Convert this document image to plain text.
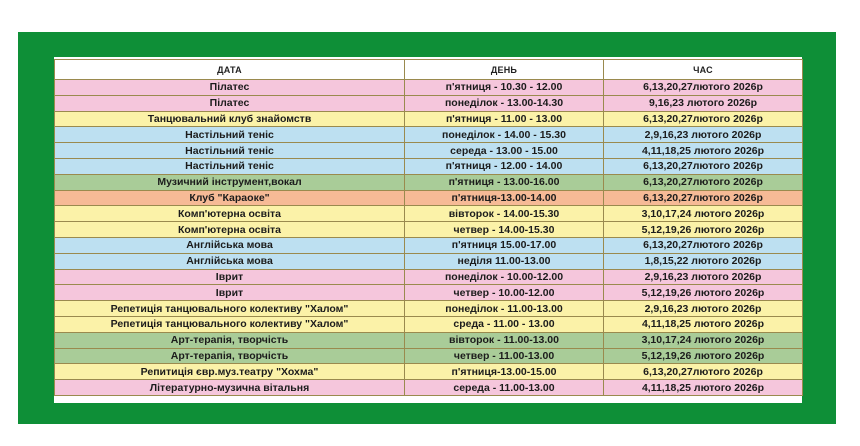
ДАТА	ДЕНЬ	ЧАС
Пілатес	п'ятниця - 10.30 - 12.00	6,13,20,27лютого 2026р
Пілатес	понеділок - 13.00-14.30	9,16,23 лютого 2026р
Танцювальний клуб знайомств	п'ятниця - 11.00 - 13.00	6,13,20,27лютого 2026р
Настільний теніс	понеділок - 14.00 - 15.30	2,9,16,23 лютого 2026р
Настільний теніс	середа - 13.00 - 15.00	4,11,18,25 лютого 2026р
Настільний теніс	п'ятниця - 12.00 - 14.00	6,13,20,27лютого 2026р
Музичний інструмент,вокал	п'ятниця - 13.00-16.00	6,13,20,27лютого 2026р
Клуб "Караоке"	п'ятниця-13.00-14.00	6,13,20,27лютого 2026р
Комп'ютерна освіта	вівторок - 14.00-15.30	3,10,17,24 лютого 2026р
Комп'ютерна освіта	четвер - 14.00-15.30	5,12,19,26 лютого 2026р
Англійська мова	п'ятниця 15.00-17.00	6,13,20,27лютого 2026р
Англійська мова	неділя 11.00-13.00	1,8,15,22 лютого 2026р
Іврит	понеділок - 10.00-12.00	2,9,16,23 лютого 2026р
Іврит	четвер - 10.00-12.00	5,12,19,26 лютого 2026р
Репетиція танцювального колективу "Халом"	понеділок - 11.00-13.00	2,9,16,23 лютого 2026р
Репетиція танцювального колективу "Халом"	среда - 11.00 - 13.00	4,11,18,25 лютого 2026р
Арт-терапія, творчість	вівторок - 11.00-13.00	3,10,17,24 лютого 2026р
Арт-терапія, творчість	четвер - 11.00-13.00	5,12,19,26 лютого 2026р
Репитиція євр.муз.театру "Хохма"	п'ятниця-13.00-15.00	6,13,20,27лютого 2026р
Літературно-музична вітальня	середа - 11.00-13.00	4,11,18,25 лютого 2026р
